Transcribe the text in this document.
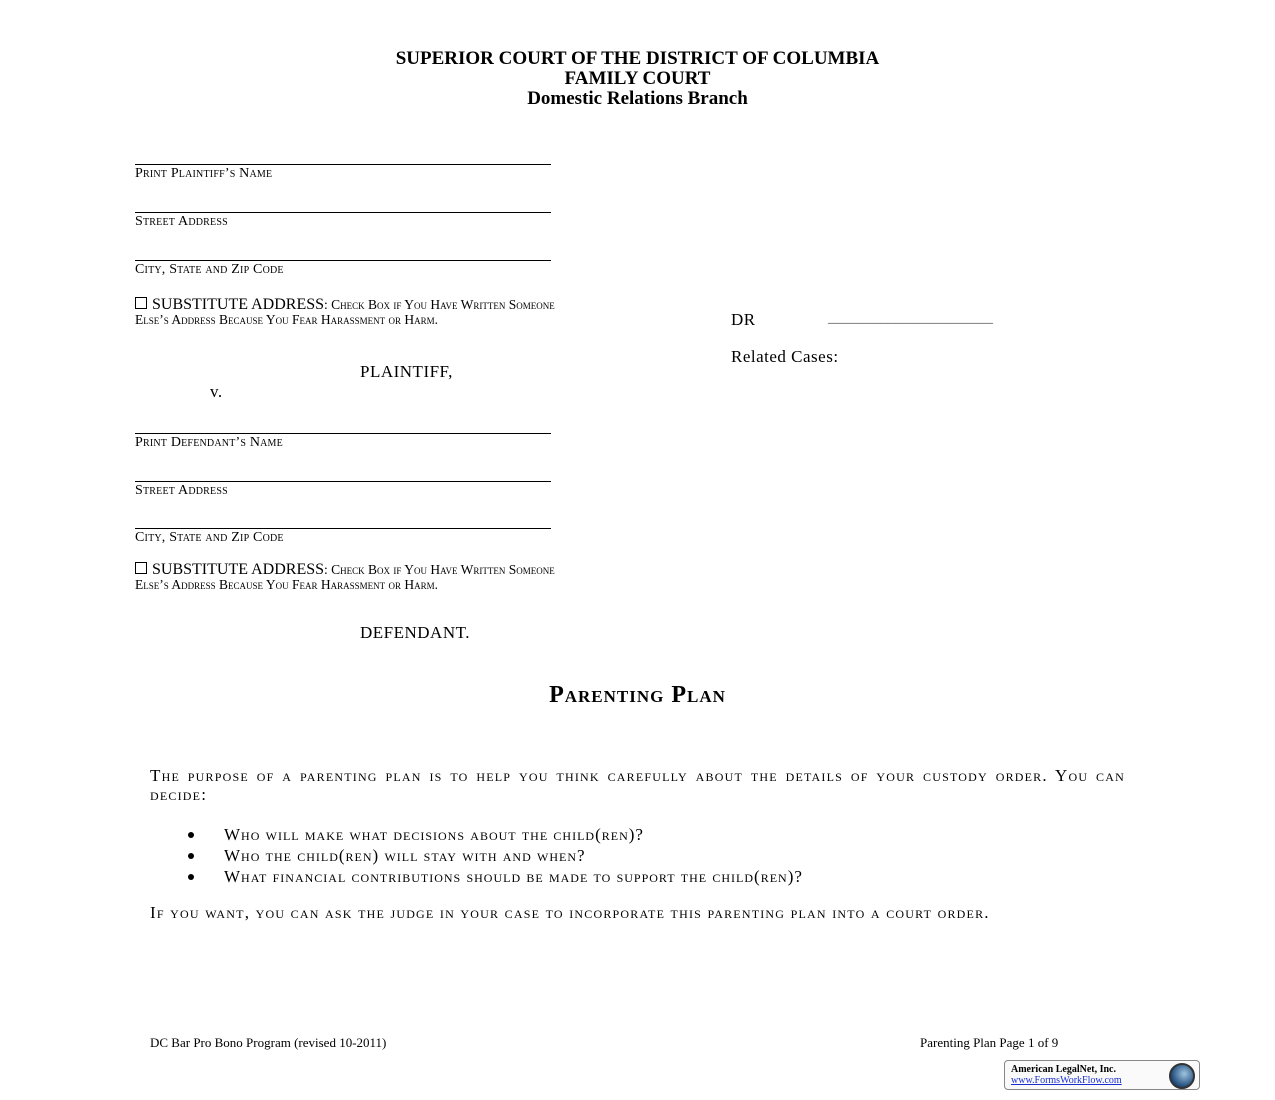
SUPERIOR COURT OF THE DISTRICT OF COLUMBIA
FAMILY COURT
Domestic Relations Branch
Print Plaintiff’s Name
Street Address
City, State and Zip Code
SUBSTITUTE ADDRESS: Check Box if You Have Written Someone Else’s Address Because You Fear Harassment or Harm.
PLAINTIFF,
v.
Print Defendant’s Name
Street Address
City, State and Zip Code
SUBSTITUTE ADDRESS: Check Box if You Have Written Someone Else’s Address Because You Fear Harassment or Harm.
DEFENDANT.
DR	______________________
Related Cases:
Parenting Plan
The purpose of a parenting plan is to help you think carefully about the details of your custody order. You can decide:
Who will make what decisions about the child(ren)?
Who the child(ren) will stay with and when?
What financial contributions should be made to support the child(ren)?
If you want, you can ask the judge in your case to incorporate this parenting plan into a court order.
DC Bar Pro Bono Program (revised 10-2011)	Parenting Plan Page 1 of 9
American LegalNet, Inc.
www.FormsWorkFlow.com
